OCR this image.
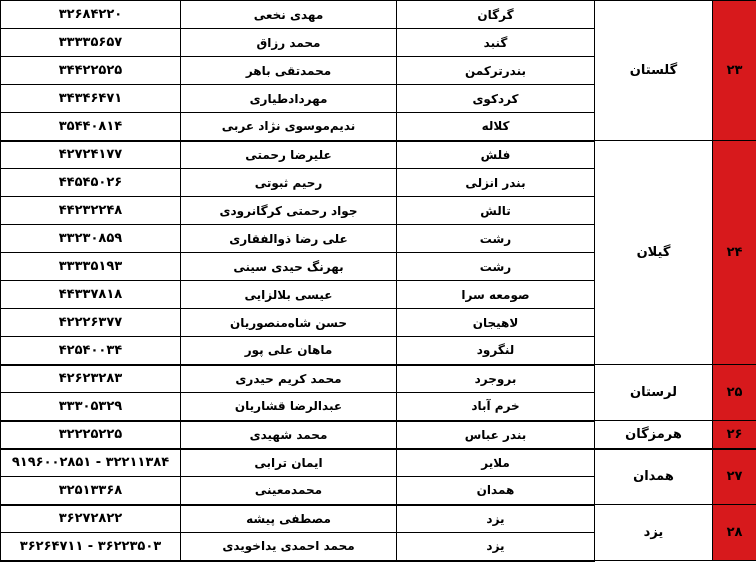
۲۳	گلستان	گرگان	مهدی نخعی	۳۲۶۸۴۲۲۰
		گنبد	محمد رزاق	۳۳۳۳۵۶۵۷
		بندرترکمن	محمدتقی باهر	۳۴۴۲۲۵۲۵
		کردکوی	مهردادطیاری	۳۴۳۴۶۴۷۱
		کلاله	ندیم‌موسوی نژاد عربی	۳۵۴۴۰۸۱۴
۲۴	گیلان	فلش	علیرضا رحمتی	۴۲۷۲۴۱۷۷
		بندر انزلی	رحیم ثبوتی	۴۴۵۴۵۰۲۶
		تالش	جواد رحمتی کرگانرودی	۴۴۲۳۲۲۴۸
		رشت	علی رضا ذوالفقاری	۳۳۲۳۰۸۵۹
		رشت	بهرنگ حیدی سینی	۳۳۳۳۵۱۹۳
		صومعه سرا	عیسی بلالزایی	۴۴۳۳۷۸۱۸
		لاهیجان	حسن شاه‌منصوریان	۴۲۲۲۶۳۷۷
		لنگرود	ماهان علی پور	۴۲۵۴۰۰۳۴
۲۵	لرستان	بروجرد	محمد کریم حیدری	۴۲۶۲۳۲۸۳
		خرم آباد	عبدالرضا قشاریان	۳۳۳۰۵۳۲۹
۲۶	هرمزگان	بندر عباس	محمد شهیدی	۳۲۲۲۵۲۲۵
۲۷	همدان	ملایر	ایمان ترابی	۳۲۲۱۱۳۸۴ - ۹۱۹۶۰۰۲۸۵۱
		همدان	محمدمعینی	۳۲۵۱۳۳۶۸
۲۸	یزد	یزد	مصطفی پیشه	۳۶۲۷۲۸۲۲
		یزد	محمد احمدی یداخویدی	۳۶۲۲۳۵۰۳ - ۳۶۲۶۴۷۱۱
